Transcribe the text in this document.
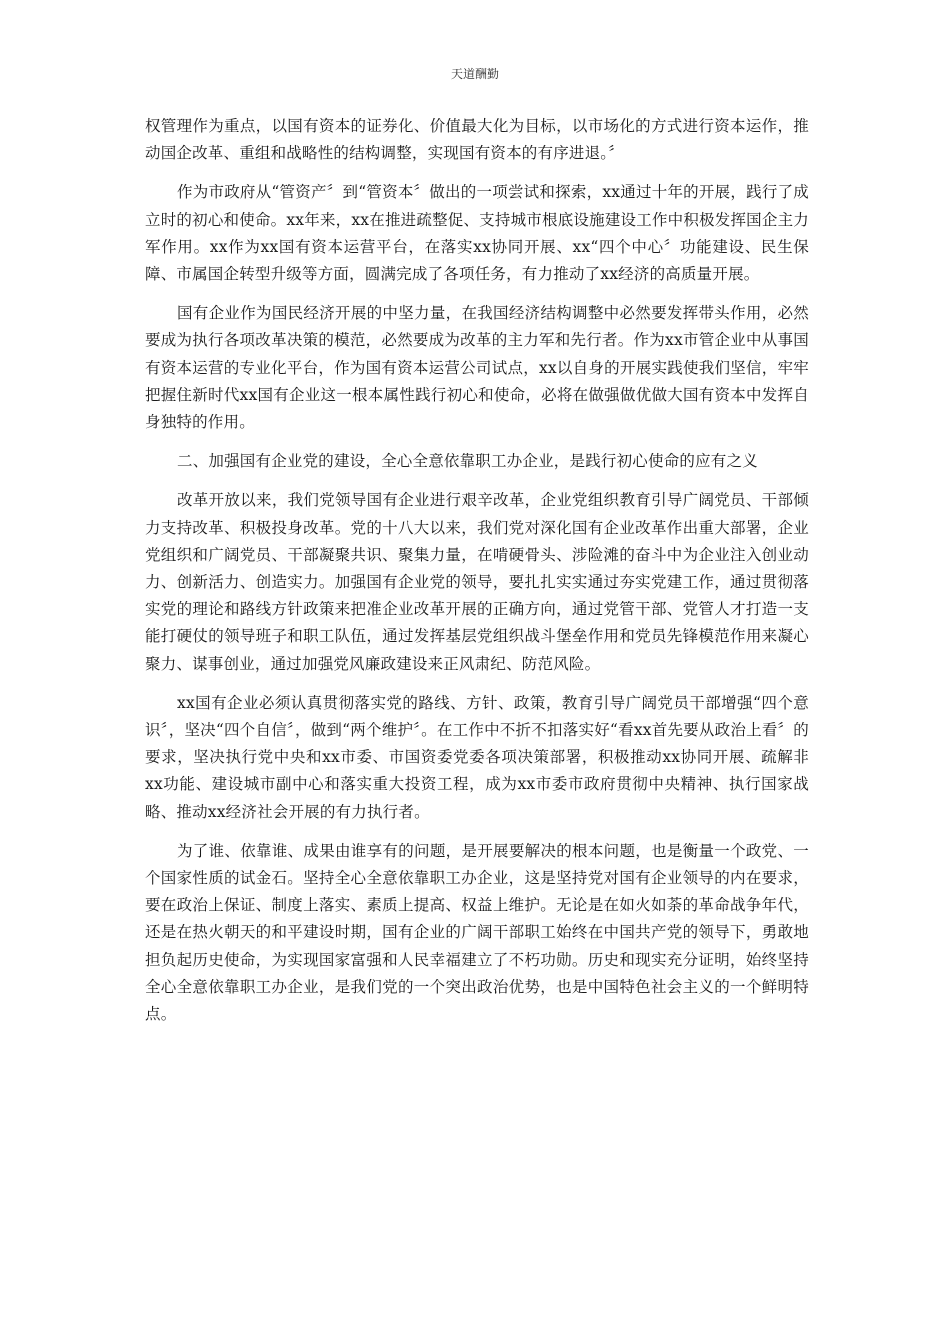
天道酬勤

权管理作为重点，以国有资本的证券化、价值最大化为目标，以市场化的方式进行资本运作，推动国企改革、重组和战略性的结构调整，实现国有资本的有序进退。〞

作为市政府从“管资产〞到“管资本〞做出的一项尝试和探索，xx通过十年的开展，践行了成立时的初心和使命。xx年来，xx在推进疏整促、支持城市根底设施建设工作中积极发挥国企主力军作用。xx作为xx国有资本运营平台，在落实xx协同开展、xx“四个中心〞功能建设、民生保障、市属国企转型升级等方面，圆满完成了各项任务，有力推动了xx经济的高质量开展。

国有企业作为国民经济开展的中坚力量，在我国经济结构调整中必然要发挥带头作用，必然要成为执行各项改革决策的模范，必然要成为改革的主力军和先行者。作为xx市管企业中从事国有资本运营的专业化平台，作为国有资本运营公司试点，xx以自身的开展实践使我们坚信，牢牢把握住新时代xx国有企业这一根本属性践行初心和使命，必将在做强做优做大国有资本中发挥自身独特的作用。

二、加强国有企业党的建设，全心全意依靠职工办企业，是践行初心使命的应有之义

改革开放以来，我们党领导国有企业进行艰辛改革，企业党组织教育引导广阔党员、干部倾力支持改革、积极投身改革。党的十八大以来，我们党对深化国有企业改革作出重大部署，企业党组织和广阔党员、干部凝聚共识、聚集力量，在啃硬骨头、涉险滩的奋斗中为企业注入创业动力、创新活力、创造实力。加强国有企业党的领导，要扎扎实实通过夯实党建工作，通过贯彻落实党的理论和路线方针政策来把准企业改革开展的正确方向，通过党管干部、党管人才打造一支能打硬仗的领导班子和职工队伍，通过发挥基层党组织战斗堡垒作用和党员先锋模范作用来凝心聚力、谋事创业，通过加强党风廉政建设来正风肃纪、防范风险。

xx国有企业必须认真贯彻落实党的路线、方针、政策，教育引导广阔党员干部增强“四个意识〞，坚决“四个自信〞，做到“两个维护〞。在工作中不折不扣落实好“看xx首先要从政治上看〞的要求，坚决执行党中央和xx市委、市国资委党委各项决策部署，积极推动xx协同开展、疏解非xx功能、建设城市副中心和落实重大投资工程，成为xx市委市政府贯彻中央精神、执行国家战略、推动xx经济社会开展的有力执行者。

为了谁、依靠谁、成果由谁享有的问题，是开展要解决的根本问题，也是衡量一个政党、一个国家性质的试金石。坚持全心全意依靠职工办企业，这是坚持党对国有企业领导的内在要求，要在政治上保证、制度上落实、素质上提高、权益上维护。无论是在如火如荼的革命战争年代，还是在热火朝天的和平建设时期，国有企业的广阔干部职工始终在中国共产党的领导下，勇敢地担负起历史使命，为实现国家富强和人民幸福建立了不朽功勋。历史和现实充分证明，始终坚持全心全意依靠职工办企业，是我们党的一个突出政治优势，也是中国特色社会主义的一个鲜明特点。
